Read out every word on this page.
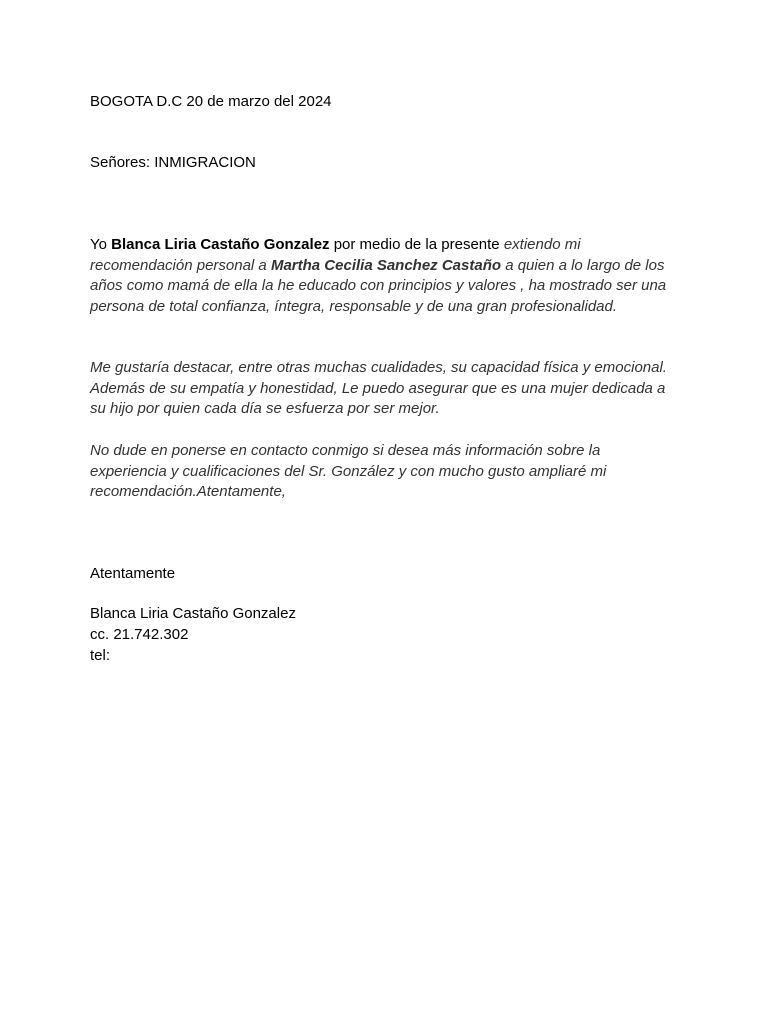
BOGOTA D.C 20 de marzo del 2024
Señores: INMIGRACION
Yo Blanca Liria Castaño Gonzalez por medio de la presente extiendo mi recomendación personal a Martha Cecilia Sanchez Castaño a quien a lo largo de los años como mamá de ella la he educado con principios y valores , ha mostrado ser una persona de total confianza, íntegra, responsable y de una gran profesionalidad.
Me gustaría destacar, entre otras muchas cualidades, su capacidad física y emocional. Además de su empatía y honestidad, Le puedo asegurar que es una mujer dedicada a su hijo por quien cada día se esfuerza por ser mejor.
No dude en ponerse en contacto conmigo si desea más información sobre la experiencia y cualificaciones del Sr. González y con mucho gusto ampliaré mi recomendación.Atentamente,
Atentamente
Blanca Liria Castaño Gonzalez
cc. 21.742.302
tel:
